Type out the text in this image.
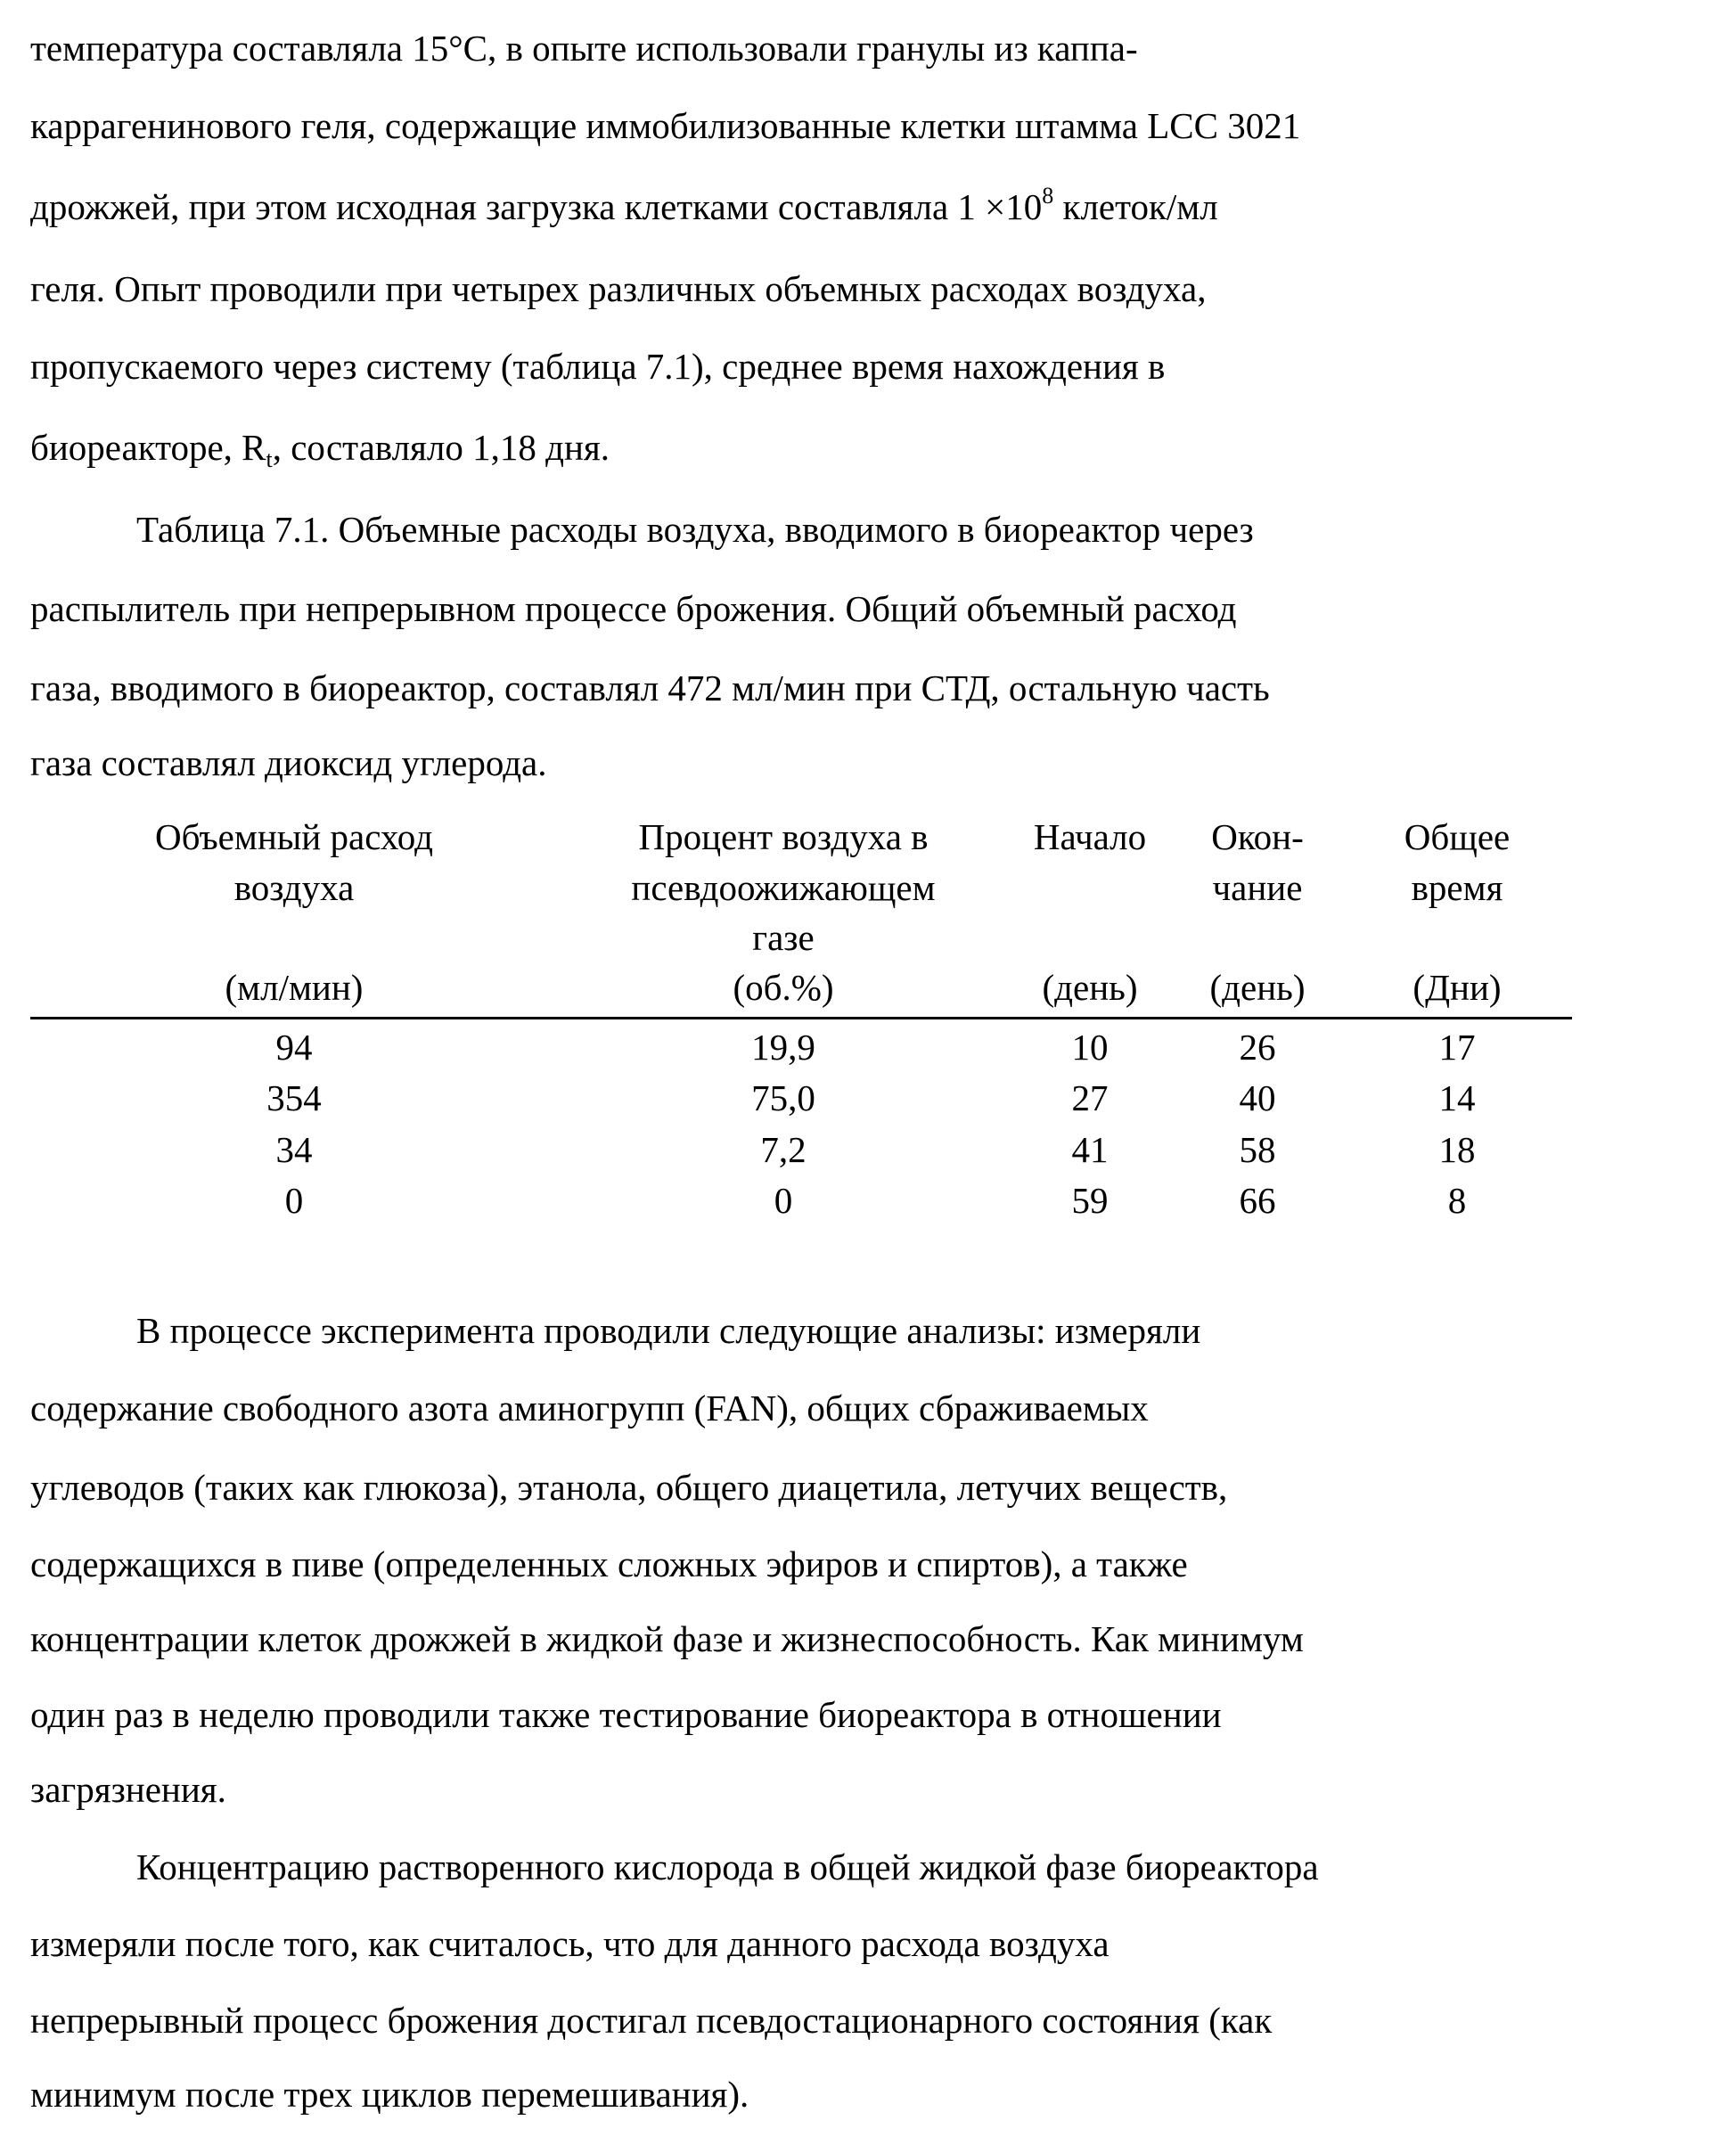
температура составляла 15°С, в опыте использовали гранулы из каппа-
каррагенинового геля, содержащие иммобилизованные клетки штамма LCC 3021
дрожжей, при этом исходная загрузка клетками составляла 1 ×108 клеток/мл
геля. Опыт проводили при четырех различных объемных расходах воздуха,
пропускаемого через систему (таблица 7.1), среднее время нахождения в
биореакторе, Rt, составляло 1,18 дня.
Таблица 7.1. Объемные расходы воздуха, вводимого в биореактор через
распылитель при непрерывном процессе брожения. Общий объемный расход
газа, вводимого в биореактор, составлял 472 мл/мин при СТД, остальную часть
газа составлял диоксид углерода.
Объемный расход
воздуха
(мл/мин)
Процент воздуха в
псевдоожижающем
газе
(об.%)
Начало
(день)
Окон-
чание
(день)
Общее
время
(Дни)
94	19,9	10	26	17
354	75,0	27	40	14
34	7,2	41	58	18
0	0	59	66	8
В процессе эксперимента проводили следующие анализы: измеряли
содержание свободного азота аминогрупп (FAN), общих сбраживаемых
углеводов (таких как глюкоза), этанола, общего диацетила, летучих веществ,
содержащихся в пиве (определенных сложных эфиров и спиртов), а также
концентрации клеток дрожжей в жидкой фазе и жизнеспособность. Как минимум
один раз в неделю проводили также тестирование биореактора в отношении
загрязнения.
Концентрацию растворенного кислорода в общей жидкой фазе биореактора
измеряли после того, как считалось, что для данного расхода воздуха
непрерывный процесс брожения достигал псевдостационарного состояния (как
минимум после трех циклов перемешивания).
